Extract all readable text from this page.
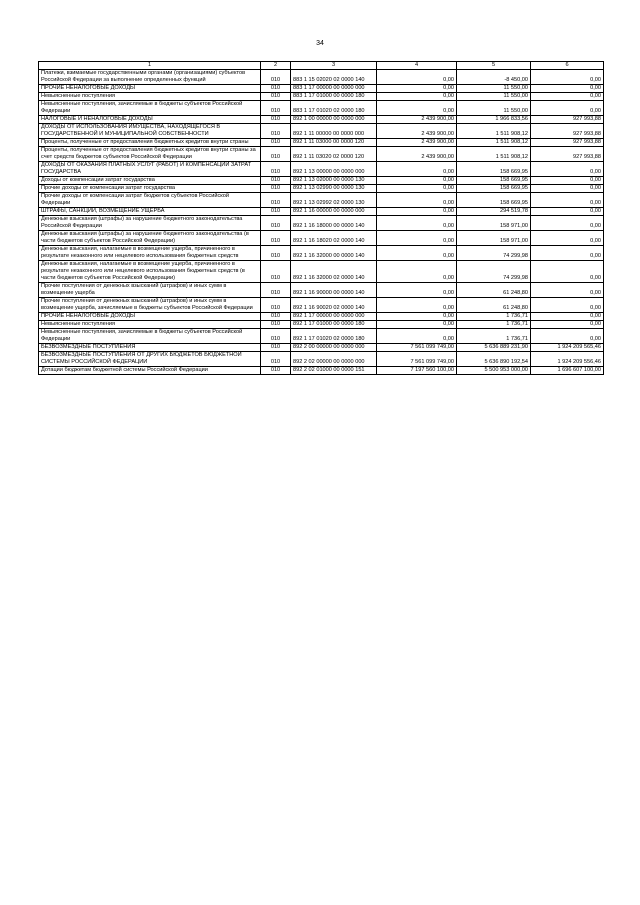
34
1	2	3	4	5	6
Платежи, взимаемые государственными органами (организациями) субъектов Российской Федерации за выполнение определенных функций	010	883 1 15 02020 02 0000 140	0,00	-8 450,00	0,00
ПРОЧИЕ НЕНАЛОГОВЫЕ ДОХОДЫ	010	883 1 17 00000 00 0000 000	0,00	11 550,00	0,00
Невыясненные поступления	010	883 1 17 01000 00 0000 180	0,00	11 550,00	0,00
Невыясненные поступления, зачисляемые в бюджеты субъектов Российской Федерации	010	883 1 17 01020 02 0000 180	0,00	11 550,00	0,00
НАЛОГОВЫЕ И НЕНАЛОГОВЫЕ ДОХОДЫ	010	892 1 00 00000 00 0000 000	2 439 900,00	1 966 833,56	927 993,88
ДОХОДЫ ОТ ИСПОЛЬЗОВАНИЯ ИМУЩЕСТВА, НАХОДЯЩЕГОСЯ В ГОСУДАРСТВЕННОЙ И МУНИЦИПАЛЬНОЙ СОБСТВЕННОСТИ	010	892 1 11 00000 00 0000 000	2 439 900,00	1 511 908,12	927 993,88
Проценты, полученные от предоставления бюджетных кредитов внутри страны	010	892 1 11 03000 00 0000 120	2 439 900,00	1 511 908,12	927 993,88
Проценты, полученные от предоставления бюджетных кредитов внутри страны за счет средств бюджетов субъектов Российской Федерации	010	892 1 11 03020 02 0000 120	2 439 900,00	1 511 908,12	927 993,88
ДОХОДЫ ОТ ОКАЗАНИЯ ПЛАТНЫХ УСЛУГ (РАБОТ) И КОМПЕНСАЦИИ ЗАТРАТ ГОСУДАРСТВА	010	892 1 13 00000 00 0000 000	0,00	158 669,95	0,00
Доходы от компенсации затрат государства	010	892 1 13 02000 00 0000 130	0,00	158 669,95	0,00
Прочие доходы от компенсации затрат государства	010	892 1 13 02990 00 0000 130	0,00	158 669,95	0,00
Прочие доходы от компенсации затрат бюджетов субъектов Российской Федерации	010	892 1 13 02992 02 0000 130	0,00	158 669,95	0,00
ШТРАФЫ, САНКЦИИ, ВОЗМЕЩЕНИЕ УЩЕРБА	010	892 1 16 00000 00 0000 000	0,00	294 519,78	0,00
Денежные взыскания (штрафы) за нарушение бюджетного законодательства Российской Федерации	010	892 1 16 18000 00 0000 140	0,00	158 971,00	0,00
Денежные взыскания (штрафы) за нарушение бюджетного законодательства (в части бюджетов субъектов Российской Федерации)	010	892 1 16 18020 02 0000 140	0,00	158 971,00	0,00
Денежные взыскания, налагаемые в возмещение ущерба, причиненного в результате незаконного или нецелевого использования бюджетных средств	010	892 1 16 32000 00 0000 140	0,00	74 299,98	0,00
Денежные взыскания, налагаемые в возмещение ущерба, причиненного в результате незаконного или нецелевого использования бюджетных средств (в части бюджетов субъектов Российской Федерации)	010	892 1 16 32000 02 0000 140	0,00	74 299,98	0,00
Прочие поступления от денежных взысканий (штрафов) и иных сумм в возмещение ущерба	010	892 1 16 90000 00 0000 140	0,00	61 248,80	0,00
Прочие поступления от денежных взысканий (штрафов) и иных сумм в возмещение ущерба, зачисляемые в бюджеты субъектов Российской Федерации	010	892 1 16 90020 02 0000 140	0,00	61 248,80	0,00
ПРОЧИЕ НЕНАЛОГОВЫЕ ДОХОДЫ	010	892 1 17 00000 00 0000 000	0,00	1 736,71	0,00
Невыясненные поступления	010	892 1 17 01000 00 0000 180	0,00	1 736,71	0,00
Невыясненные поступления, зачисляемые в бюджеты субъектов Российской Федерации	010	892 1 17 01020 02 0000 180	0,00	1 736,71	0,00
БЕЗВОЗМЕЗДНЫЕ ПОСТУПЛЕНИЯ	010	892 2 00 00000 00 0000 000	7 561 099 749,00	5 636 889 231,90	1 924 209 565,46
БЕЗВОЗМЕЗДНЫЕ ПОСТУПЛЕНИЯ ОТ ДРУГИХ БЮДЖЕТОВ БЮДЖЕТНОЙ СИСТЕМЫ РОССИЙСКОЙ ФЕДЕРАЦИИ	010	892 2 02 00000 00 0000 000	7 561 099 749,00	5 636 890 192,54	1 924 209 556,46
Дотации бюджетам бюджетной системы Российской Федерации	010	892 2 02 01000 00 0000 151	7 197 560 100,00	5 500 953 000,00	1 696 607 100,00
